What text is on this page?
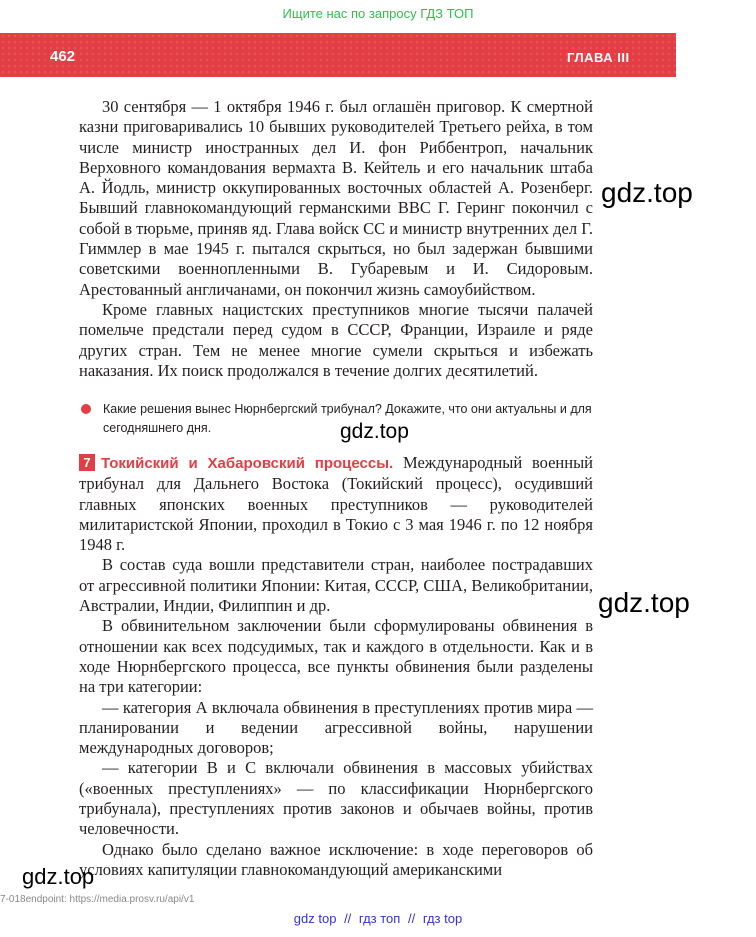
Ищите нас по запросу ГДЗ ТОП
462	ГЛАВА III

30 сентября — 1 октября 1946 г. был оглашён приговор. К смертной казни приговаривались 10 бывших руководителей Третьего рейха, в том числе министр иностранных дел И. фон Риббентроп, начальник Верховного командования вермахта В. Кейтель и его начальник штаба А. Йодль, министр оккупированных восточных областей А. Розенберг. Бывший главнокомандующий германскими ВВС Г. Геринг покончил с собой в тюрьме, приняв яд. Глава войск СС и министр внутренних дел Г. Гиммлер в мае 1945 г. пытался скрыться, но был задержан бывшими советскими военнопленными В. Губаревым и И. Сидоровым. Арестованный англичанами, он покончил жизнь самоубийством.

Кроме главных нацистских преступников многие тысячи палачей помельче предстали перед судом в СССР, Франции, Израиле и ряде других стран. Тем не менее многие сумели скрыться и избежать наказания. Их поиск продолжался в течение долгих десятилетий.

Какие решения вынес Нюрнбергский трибунал? Докажите, что они актуальны и для сегодняшнего дня.

7 Токийский и Хабаровский процессы. Международный военный трибунал для Дальнего Востока (Токийский процесс), осудивший главных японских военных преступников — руководителей милитаристской Японии, проходил в Токио с 3 мая 1946 г. по 12 ноября 1948 г.

В состав суда вошли представители стран, наиболее пострадавших от агрессивной политики Японии: Китая, СССР, США, Великобритании, Австралии, Индии, Филиппин и др.

В обвинительном заключении были сформулированы обвинения в отношении как всех подсудимых, так и каждого в отдельности. Как и в ходе Нюрнбергского процесса, все пункты обвинения были разделены на три категории:

— категория А включала обвинения в преступлениях против мира — планировании и ведении агрессивной войны, нарушении международных договоров;

— категории В и С включали обвинения в массовых убийствах («военных преступлениях» — по классификации Нюрнбергского трибунала), преступлениях против законов и обычаев войны, против человечности.

Однако было сделано важное исключение: в ходе переговоров об условиях капитуляции главнокомандующий американскими

gdz.top
gdz.top
gdz.top
gdz.top
7-018endpoint: https://media.prosv.ru/api/v1
gdz top // гдз топ // гдз top
